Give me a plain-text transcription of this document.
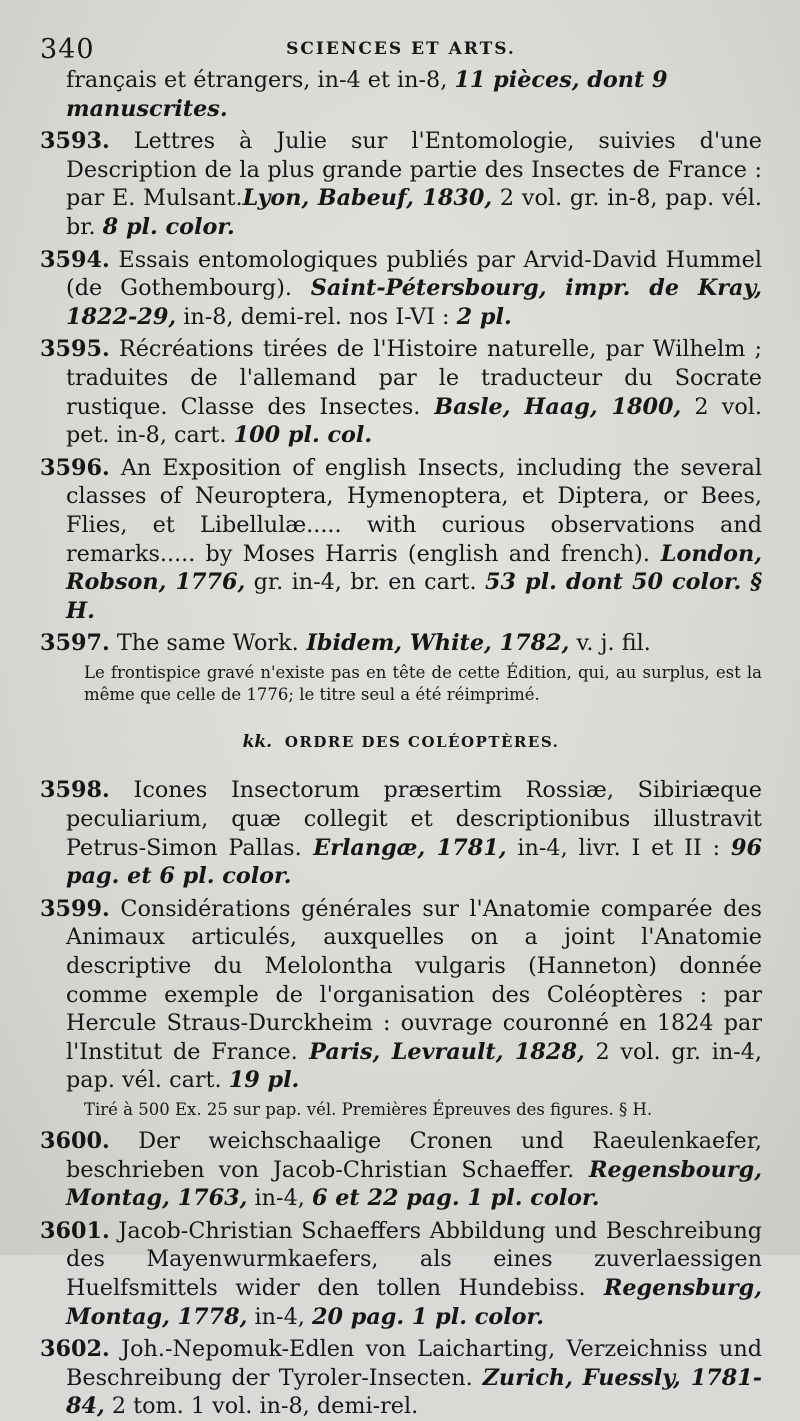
340	SCIENCES ET ARTS.
français et étrangers, in-4 et in-8, 11 pièces, dont 9 manuscrites.
3593. Lettres à Julie sur l'Entomologie, suivies d'une Description de la plus grande partie des Insectes de France : par E. Mulsant.Lyon, Babeuf, 1830, 2 vol. gr. in-8, pap. vél. br. 8 pl. color.
3594. Essais entomologiques publiés par Arvid-David Hummel (de Gothembourg). Saint-Pétersbourg, impr. de Kray, 1822-29, in-8, demi-rel. nos I-VI : 2 pl.
3595. Récréations tirées de l'Histoire naturelle, par Wilhelm ; traduites de l'allemand par le traducteur du Socrate rustique. Classe des Insectes. Basle, Haag, 1800, 2 vol. pet. in-8, cart. 100 pl. col.
3596. An Exposition of english Insects, including the several classes of Neuroptera, Hymenoptera, et Diptera, or Bees, Flies, et Libellulæ..... with curious observations and remarks..... by Moses Harris (english and french). London, Robson, 1776, gr. in-4, br. en cart. 53 pl. dont 50 color. § H.
3597. The same Work. Ibidem, White, 1782, v. j. fil.
Le frontispice gravé n'existe pas en tête de cette Édition, qui, au surplus, est la même que celle de 1776; le titre seul a été réimprimé.
kk. ORDRE DES COLÉOPTÈRES.
3598. Icones Insectorum præsertim Rossiæ, Sibiriæque peculiarium, quæ collegit et descriptionibus illustravit Petrus-Simon Pallas. Erlangæ, 1781, in-4, livr. I et II : 96 pag. et 6 pl. color.
3599. Considérations générales sur l'Anatomie comparée des Animaux articulés, auxquelles on a joint l'Anatomie descriptive du Melolontha vulgaris (Hanneton) donnée comme exemple de l'organisation des Coléoptères : par Hercule Straus-Durckheim : ouvrage couronné en 1824 par l'Institut de France. Paris, Levrault, 1828, 2 vol. gr. in-4, pap. vél. cart. 19 pl.
Tiré à 500 Ex. 25 sur pap. vél. Premières Épreuves des figures. § H.
3600. Der weichschaalige Cronen und Raeulenkaefer, beschrieben von Jacob-Christian Schaeffer. Regensbourg, Montag, 1763, in-4, 6 et 22 pag. 1 pl. color.
3601. Jacob-Christian Schaeffers Abbildung und Beschreibung des Mayenwurmkaefers, als eines zuverlaessigen Huelfsmittels wider den tollen Hundebiss. Regensburg, Montag, 1778, in-4, 20 pag. 1 pl. color.
3602. Joh.-Nepomuk-Edlen von Laicharting, Verzeichniss und Beschreibung der Tyroler-Insecten. Zurich, Fuessly, 1781-84, 2 tom. 1 vol. in-8, demi-rel.
